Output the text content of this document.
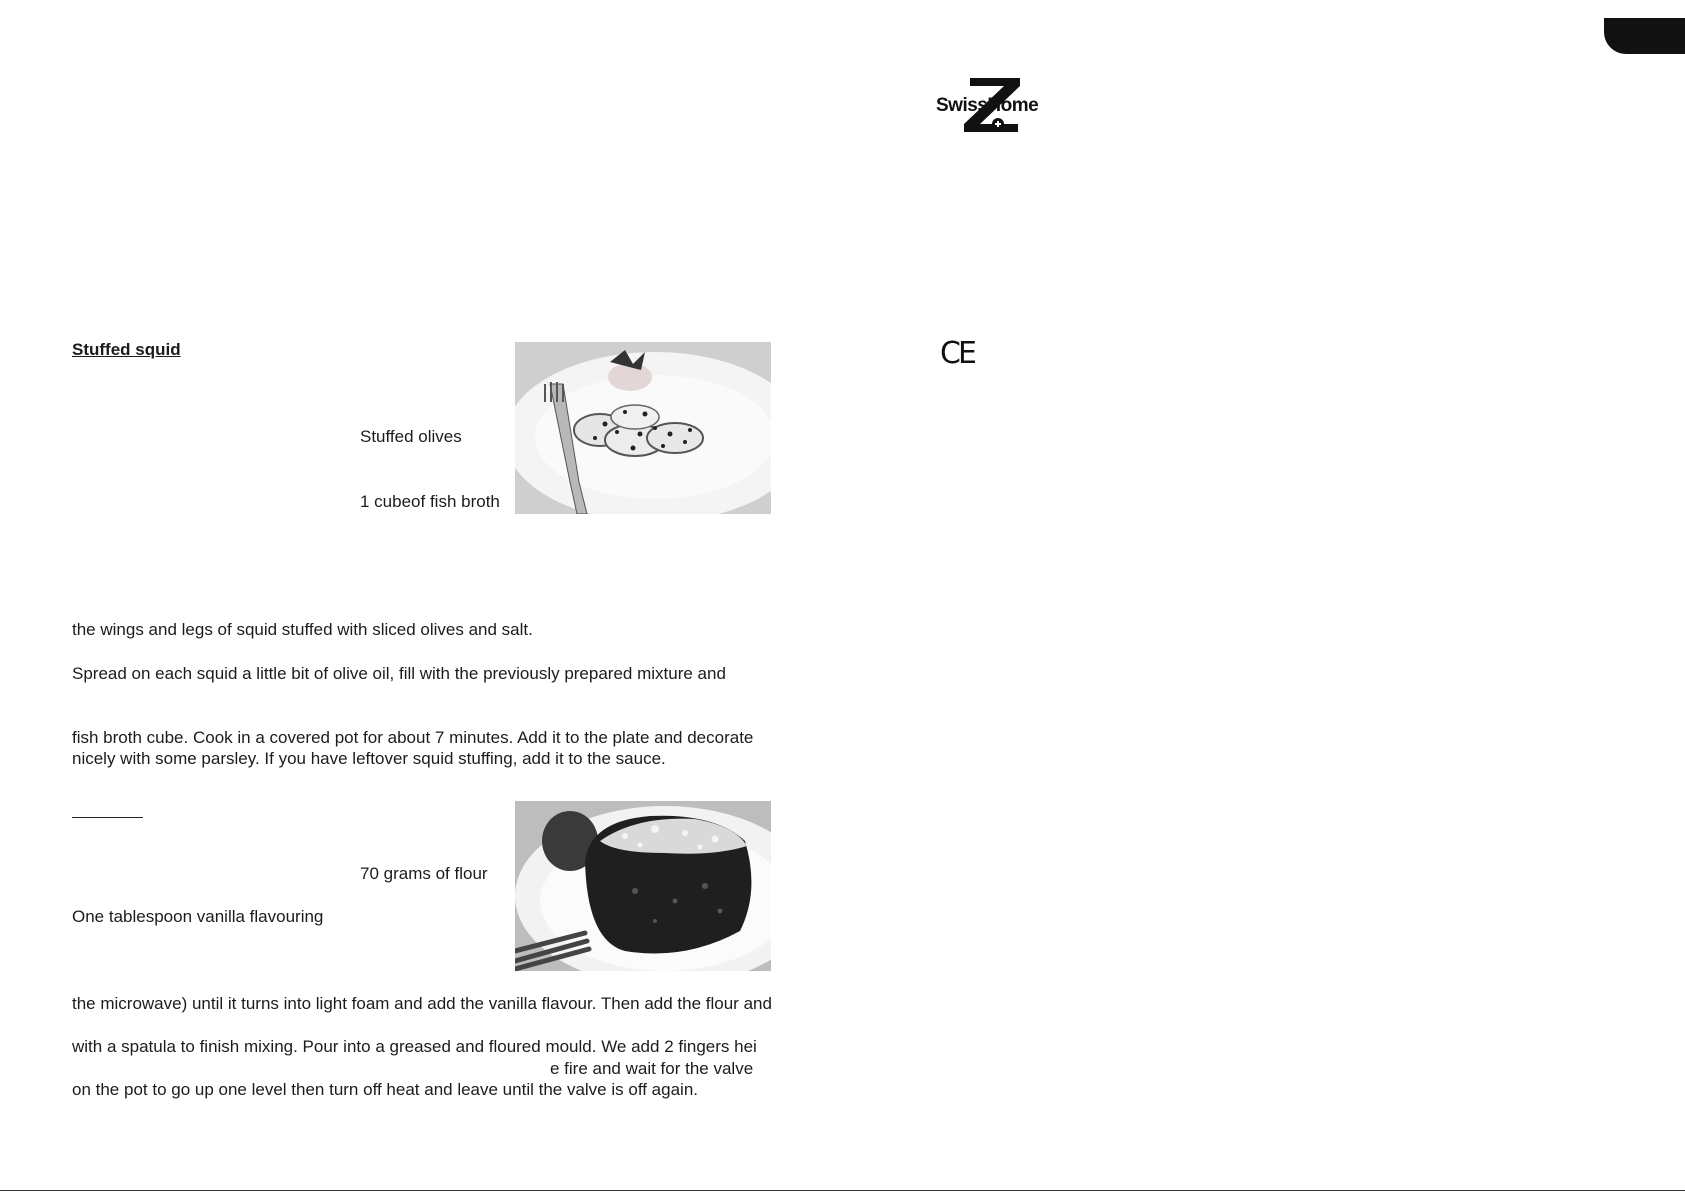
Stuffed squid
Stuffed olives
1 cubeof fish broth
the wings and legs of squid stuffed with sliced olives and salt.
Spread on each squid a little bit of olive oil, fill with the previously prepared mixture and
fish broth cube. Cook in a covered pot for about 7 minutes. Add it to the plate and decorate
nicely with some parsley. If you have leftover squid stuffing, add it to the sauce.
70 grams of flour
One tablespoon vanilla flavouring
the microwave) until it turns into light foam and add the vanilla flavour. Then add the flour and
with a spatula to finish mixing. Pour into a greased and floured mould. We add 2 fingers hei
e fire and wait for the valve
on the pot to go up one level then turn off heat and leave until the valve is off again.
SwissHome
CE
